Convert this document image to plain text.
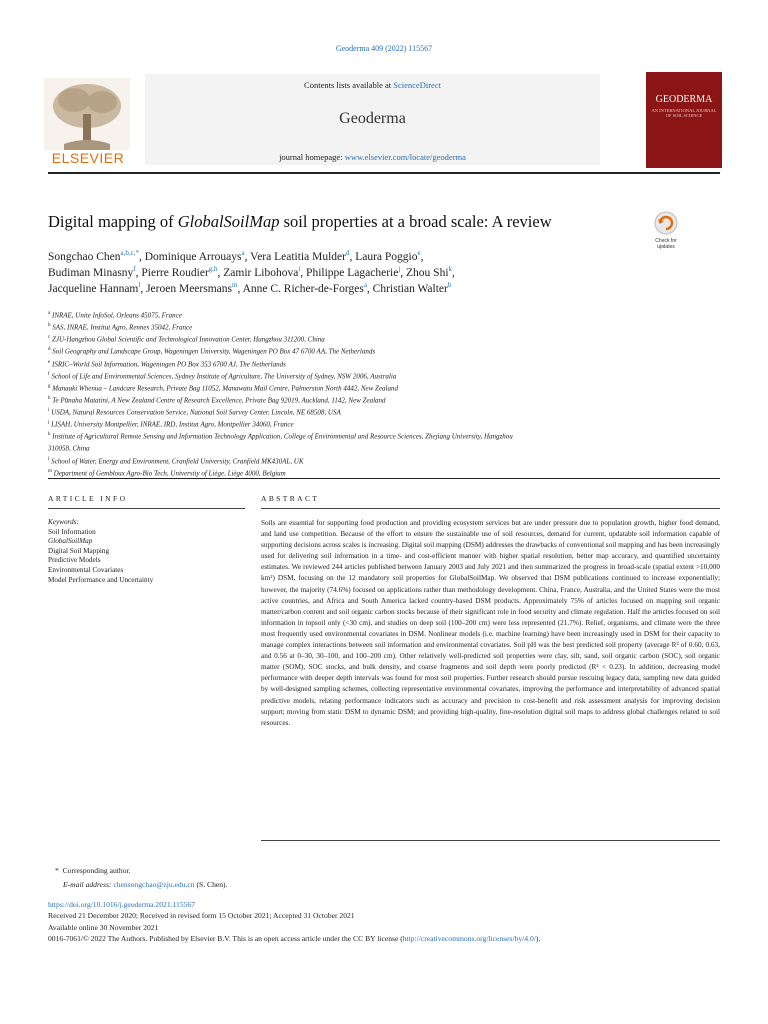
Geoderma 409 (2022) 115567
Contents lists available at ScienceDirect
Geoderma
journal homepage: www.elsevier.com/locate/geoderma
ELSEVIER
GEODERMA
AN INTERNATIONAL JOURNAL OF SOIL SCIENCE
Digital mapping of GlobalSoilMap soil properties at a broad scale: A review
Check for updates
Songchao Chen$^{a,b,c,*}$, Dominique Arrouays$^a$, Vera Leatitia Mulder$^d$, Laura Poggio$^e$,
Budiman Minasny$^f$, Pierre Roudier$^{g,h}$, Zamir Libohova$^i$, Philippe Lagacherie$^j$, Zhou Shi$^k$,
Jacqueline Hannam$^l$, Jeroen Meersmans$^m$, Anne C. Richer-de-Forges$^a$, Christian Walter$^b$
$^a$ INRAE, Unite InfoSol, Orleans 45075, France
$^b$ SAS, INRAE, Institut Agro, Rennes 35042, France
$^c$ ZJU-Hangzhou Global Scientific and Technological Innovation Center, Hangzhou 311200, China
$^d$ Soil Geography and Landscape Group, Wageningen University, Wageningen PO Box 47 6700 AA, The Netherlands
$^e$ ISRIC–World Soil Information, Wageningen PO Box 353 6700 AJ, The Netherlands
$^f$ School of Life and Environmental Sciences, Sydney Institute of Agriculture, The University of Sydney, NSW 2006, Australia
$^g$ Manaaki Whenua – Landcare Research, Private Bag 11052, Manawatu Mail Centre, Palmerston North 4442, New Zealand
$^h$ Te Pūnaha Matatini, A New Zealand Centre of Research Excellence, Private Bag 92019, Auckland, 1142, New Zealand
$^i$ USDA, Natural Resources Conservation Service, National Soil Survey Center, Lincoln, NE 68508, USA
$^j$ LISAH, University Montpellier, INRAE, IRD, Institut Agro, Montpellier 34060, France
$^k$ Institute of Agricultural Remote Sensing and Information Technology Application, College of Environmental and Resource Sciences, Zhejiang University, Hangzhou
310058, China
$^l$ School of Water, Energy and Environment, Cranfield University, Cranfield MK430AL, UK
$^m$ Department of Gembloux Agro-Bio Tech, University of Liège, Liège 4000, Belgium
ARTICLE INFO	ABSTRACT
Keywords:
Soil Information
GlobalSoilMap
Digital Soil Mapping
Predictive Models
Environmental Covariates
Model Performance and Uncertainty
Soils are essential for supporting food production and providing ecosystem services but are under pressure due to population growth, higher food demand, and land use competition. Because of the effort to ensure the sustainable use of soil resources, demand for current, updatable soil information capable of supporting decisions across scales is increasing. Digital soil mapping (DSM) addresses the drawbacks of conventional soil mapping and has been increasingly used for delivering soil information in a time- and cost-efficient manner with higher spatial resolution, better map accuracy, and quantified uncertainty estimates. We reviewed 244 articles published between January 2003 and July 2021 and then summarized the progress in broad-scale (spatial extent >10,000 km²) DSM, focusing on the 12 mandatory soil properties for GlobalSoilMap. We observed that DSM publications continued to increase exponentially; however, the majority (74.6%) focused on applications rather than methodology development. China, France, Australia, and the United States were the most active countries, and Africa and South America lacked country-based DSM products. Approximately 75% of articles focused on mapping soil organic matter/carbon content and soil organic carbon stocks because of their significant role in food security and climate regulation. Half the articles focused on soil information in topsoil only (<30 cm), and studies on deep soil (100–200 cm) were less represented (21.7%). Relief, organisms, and climate were the three most frequently used environmental covariates in DSM. Nonlinear models (i.e. machine learning) have been increasingly used in DSM for their capacity to manage complex interactions between soil information and environmental covariates. Soil pH was the best predicted soil property (average R² of 0.60, 0.63, and 0.56 at 0–30, 30–100, and 100–200 cm). Other relatively well-predicted soil properties were clay, silt, sand, soil organic carbon (SOC), soil organic matter (SOM), SOC stocks, and bulk density, and coarse fragments and soil depth were poorly predicted (R² < 0.23). In addition, decreasing model performance with deeper depth intervals was found for most soil properties. Further research should pursue rescuing legacy data, sampling new data guided by well-designed sampling schemes, collecting representative environmental covariates, improving the performance and interpretability of advanced spatial predictive models, relating performance indicators such as accuracy and precision to cost-benefit and risk assessment analysis for improving decision support; moving from static DSM to dynamic DSM; and providing high-quality, fine-resolution digital soil maps to address global challenges related to soil resources.
* Corresponding author.
E-mail address: chensongchao@zju.edu.cn (S. Chen).
https://doi.org/10.1016/j.geoderma.2021.115567
Received 21 December 2020; Received in revised form 15 October 2021; Accepted 31 October 2021
Available online 30 November 2021
0016-7061/© 2022 The Authors. Published by Elsevier B.V. This is an open access article under the CC BY license (http://creativecommons.org/licenses/by/4.0/).
